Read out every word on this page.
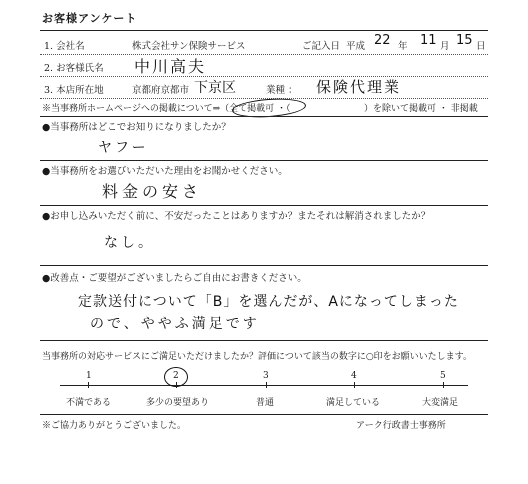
お客様アンケート
1. 会社名	株式会社サン保険サービス	ご記入日 平成 22 年 11 月 15 日
2. お客様氏名 中川高夫
3. 本店所在地	京都府京都市 下京区	業種 ： 保険代理業
※当事務所ホームページへの掲載について⇒（全て掲載可 ・（	）を除いて掲載可 ・ 非掲載
●当事務所はどこでお知りになりましたか？
ヤフー
●当事務所をお選びいただいた理由をお聞かせください。
料金の安さ
●お申し込みいただく前に、不安だったことはありますか？またそれは解消されましたか？
なし。
●改善点・ご要望がございましたらご自由にお書きください。
定款送付について「B」を選んだが、Aになってしまった
ので、ややふ満足です
当事務所の対応サービスにご満足いただけましたか？評価について該当の数字に○印をお願いいたします。
1	2	3	4	5
不満である	多少の要望あり	普通	満足している	大変満足
※ご協力ありがとうございました。	アーク行政書士事務所
